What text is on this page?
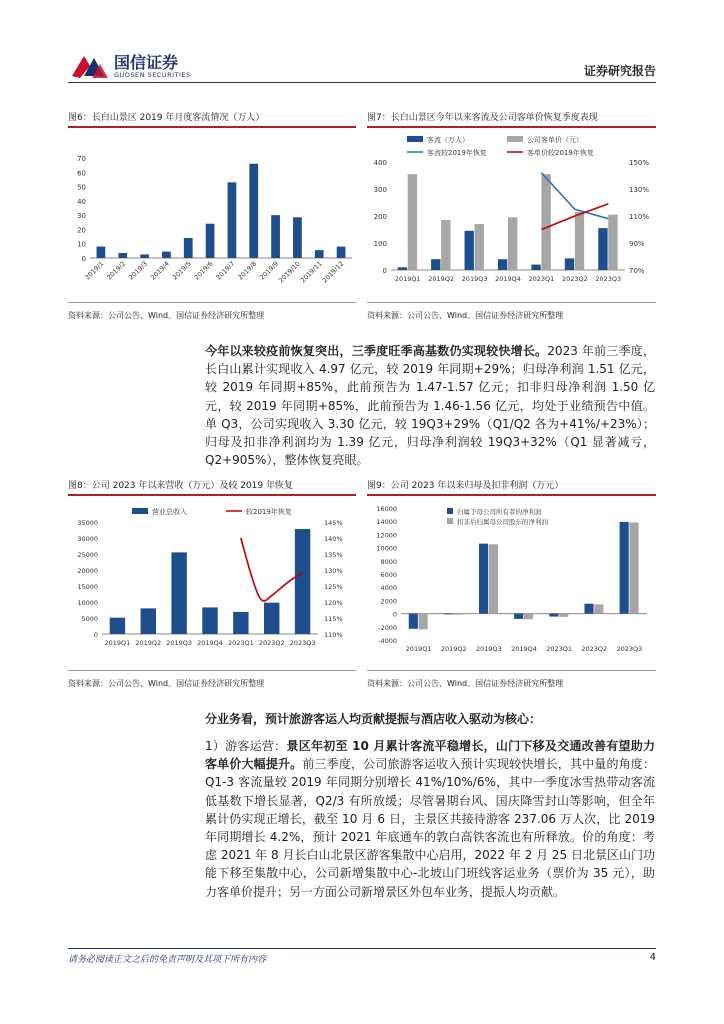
国信证券
GUOSEN SECURITIES	证券研究报告
图6：长白山景区 2019 年月度客流情况（万人）
0
10
20
30
40
50
60
70
2019/1 2019/2 2019/3 2019/4 2019/5 2019/6 2019/7 2019/8 2019/9
2019/10
2019/11
2019/12
资料来源：公司公告、Wind、国信证券经济研究所整理
图7：长白山景区今年以来客流及公司客单价恢复季度表现
客流（万人）	公司客单价（元）
客流较2019年恢复	客单价较2019年恢复
0
100
200
300
400
70%
90%
110%
130%
150%
2019Q1 2019Q2 2019Q3 2019Q4 2023Q1 2023Q2 2023Q3
资料来源：公司公告、Wind、国信证券经济研究所整理
今年以来较疫前恢复突出，三季度旺季高基数仍实现较快增长。2023 年前三季度，长白山累计实现收入 4.97 亿元，较 2019 年同期+29%；归母净利润 1.51 亿元，较 2019 年同期+85%，此前预告为 1.47-1.57 亿元；扣非归母净利润 1.50 亿元，较 2019 年同期+85%，此前预告为 1.46-1.56 亿元，均处于业绩预告中值。单 Q3，公司实现收入 3.30 亿元，较 19Q3+29%（Q1/Q2 各为+41%/+23%）；归母及扣非净利润均为 1.39 亿元，归母净利润较 19Q3+32%（Q1 显著减亏，Q2+905%），整体恢复亮眼。
图8：公司 2023 年以来营收（万元）及较 2019 年恢复
营业总收入	较2019年恢复
0
5000
10000
15000
20000
25000
30000
35000
110%
115%
120%
125%
130%
135%
140%
145%
2019Q1 2019Q2 2019Q3 2019Q4 2023Q1 2023Q2 2023Q3
资料来源：公司公告、Wind、国信证券经济研究所整理
图9：公司 2023 年以来归母及扣非利润（万元）
归属于母公司所有者的净利润
扣非后归属母公司股东的净利润
-4000
-2000
0
2000
4000
6000
8000
10000
12000
14000
16000
2019Q1 2019Q2 2019Q3 2019Q4 2023Q1 2023Q2 2023Q3
资料来源：公司公告、Wind、国信证券经济研究所整理
分业务看，预计旅游客运人均贡献提振与酒店收入驱动为核心：
1）游客运营：景区年初至 10 月累计客流平稳增长，山门下移及交通改善有望助力客单价大幅提升。前三季度，公司旅游客运收入预计实现较快增长，其中量的角度：Q1-3 客流量较 2019 年同期分别增长 41%/10%/6%，其中一季度冰雪热带动客流低基数下增长显著，Q2/3 有所放缓；尽管暑期台风、国庆降雪封山等影响，但全年累计仍实现正增长，截至 10 月 6 日，主景区共接待游客 237.06 万人次，比 2019 年同期增长 4.2%，预计 2021 年底通车的敦白高铁客流也有所释放。价的角度：考虑 2021 年 8 月长白山北景区游客集散中心启用，2022 年 2 月 25 日北景区山门功能下移至集散中心，公司新增集散中心-北坡山门班线客运业务（票价为 35 元），助力客单价提升；另一方面公司新增景区外包车业务，提振人均贡献。
请务必阅读正文之后的免责声明及其项下所有内容	4
